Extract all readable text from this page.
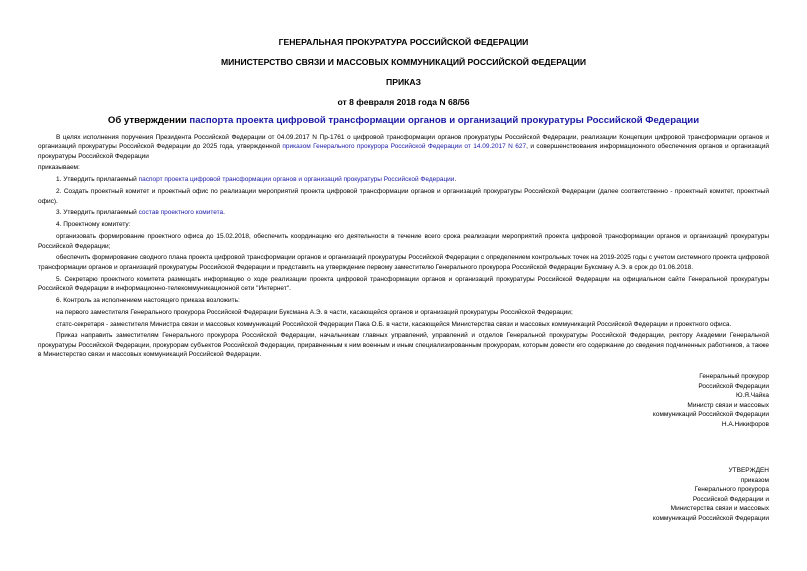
ГЕНЕРАЛЬНАЯ ПРОКУРАТУРА РОССИЙСКОЙ ФЕДЕРАЦИИ
МИНИСТЕРСТВО СВЯЗИ И МАССОВЫХ КОММУНИКАЦИЙ РОССИЙСКОЙ ФЕДЕРАЦИИ
ПРИКАЗ
от 8 февраля 2018 года N 68/56
Об утверждении паспорта проекта цифровой трансформации органов и организаций прокуратуры Российской Федерации

В целях исполнения поручения Президента Российской Федерации от 04.09.2017 N Пр-1761 о цифровой трансформации органов прокуратуры Российской Федерации, реализации Концепции цифровой трансформации органов и организаций прокуратуры Российской Федерации до 2025 года, утвержденной приказом Генерального прокурора Российской Федерации от 14.09.2017 N 627, и совершенствования информационного обеспечения органов и организаций прокуратуры Российской Федерации

приказываем:

1. Утвердить прилагаемый паспорт проекта цифровой трансформации органов и организаций прокуратуры Российской Федерации.

2. Создать проектный комитет и проектный офис по реализации мероприятий проекта цифровой трансформации органов и организаций прокуратуры Российской Федерации (далее соответственно - проектный комитет, проектный офис).

3. Утвердить прилагаемый состав проектного комитета.

4. Проектному комитету:

организовать формирование проектного офиса до 15.02.2018, обеспечить координацию его деятельности в течение всего срока реализации мероприятий проекта цифровой трансформации органов и организаций прокуратуры Российской Федерации;

обеспечить формирование сводного плана проекта цифровой трансформации органов и организаций прокуратуры Российской Федерации с определением контрольных точек на 2019-2025 годы с учетом системного проекта цифровой трансформации органов и организаций прокуратуры Российской Федерации и представить на утверждение первому заместителю Генерального прокурора Российской Федерации Буксману А.Э. в срок до 01.06.2018.

5. Секретарю проектного комитета размещать информацию о ходе реализации проекта цифровой трансформации органов и организаций прокуратуры Российской Федерации на официальном сайте Генеральной прокуратуры Российской Федерации в информационно-телекоммуникационной сети "Интернет".

6. Контроль за исполнением настоящего приказа возложить:

на первого заместителя Генерального прокурора Российской Федерации Буксмана А.Э. в части, касающейся органов и организаций прокуратуры Российской Федерации;

статс-секретаря - заместителя Министра связи и массовых коммуникаций Российской Федерации Пака О.Б. в части, касающейся Министерства связи и массовых коммуникаций Российской Федерации и проектного офиса.

Приказ направить заместителям Генерального прокурора Российской Федерации, начальникам главных управлений, управлений и отделов Генеральной прокуратуры Российской Федерации, ректору Академии Генеральной прокуратуры Российской Федерации, прокурорам субъектов Российской Федерации, приравненным к ним военным и иным специализированным прокурорам, которым довести его содержание до сведения подчиненных работников, а также в Министерство связи и массовых коммуникаций Российской Федерации.

Генеральный прокурор
Российской Федерации
Ю.Я.Чайка
Министр связи и массовых
коммуникаций Российской Федерации
Н.А.Никифоров
УТВЕРЖДЕН
приказом
Генерального прокурора
Российской Федерации и
Министерства связи и массовых
коммуникаций Российской Федерации
